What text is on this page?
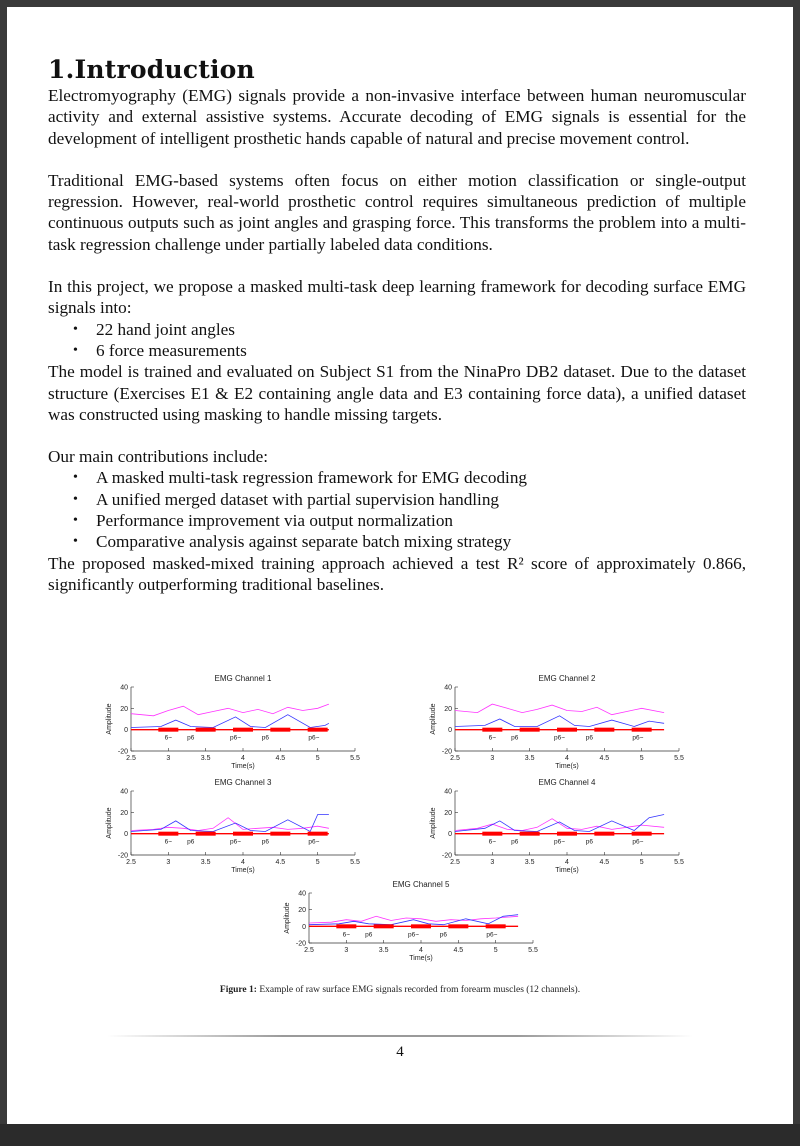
1.Introduction

Electromyography (EMG) signals provide a non-invasive interface between human neuromuscular activity and external assistive systems. Accurate decoding of EMG signals is essential for the development of intelligent prosthetic hands capable of natural and precise movement control.

Traditional EMG-based systems often focus on either motion classification or single-output regression. However, real-world prosthetic control requires simultaneous prediction of multiple continuous outputs such as joint angles and grasping force. This transforms the problem into a multi-task regression challenge under partially labeled data conditions.

In this project, we propose a masked multi-task deep learning framework for decoding surface EMG signals into:

• 22 hand joint angles
• 6 force measurements

The model is trained and evaluated on Subject S1 from the NinaPro DB2 dataset. Due to the dataset structure (Exercises E1 & E2 containing angle data and E3 containing force data), a unified dataset was constructed using masking to handle missing targets.

Our main contributions include:

• A masked multi-task regression framework for EMG decoding
• A unified merged dataset with partial supervision handling
• Performance improvement via output normalization
• Comparative analysis against separate batch mixing strategy

The proposed masked-mixed training approach achieved a test R² score of approximately 0.866, significantly outperforming traditional baselines.

EMG Channel 1
-20
0
20
40
2.5	3	3.5	4	4.5	5	5.5
Time(s)
Amplitude
6~ p6	p6~	p6	p6~
EMG Channel 2
-20
0
20
40
2.5	3	3.5	4	4.5	5	5.5
Time(s)
Amplitude
6~ p6	p6~	p6	p6~
EMG Channel 3
-20
0
20
40
2.5	3	3.5	4	4.5	5	5.5
Time(s)
Amplitude
6~ p6	p6~	p6	p6~
EMG Channel 4
-20
0
20
40
2.5	3	3.5	4	4.5	5	5.5
Time(s)
Amplitude
6~ p6	p6~	p6	p6~
EMG Channel 5
-20
0
20
40
2.5	3	3.5	4	4.5	5	5.5
Time(s)
Amplitude
6~ p6	p6~	p6	p6~
Figure 1: Example of raw surface EMG signals recorded from forearm muscles (12 channels).
4
